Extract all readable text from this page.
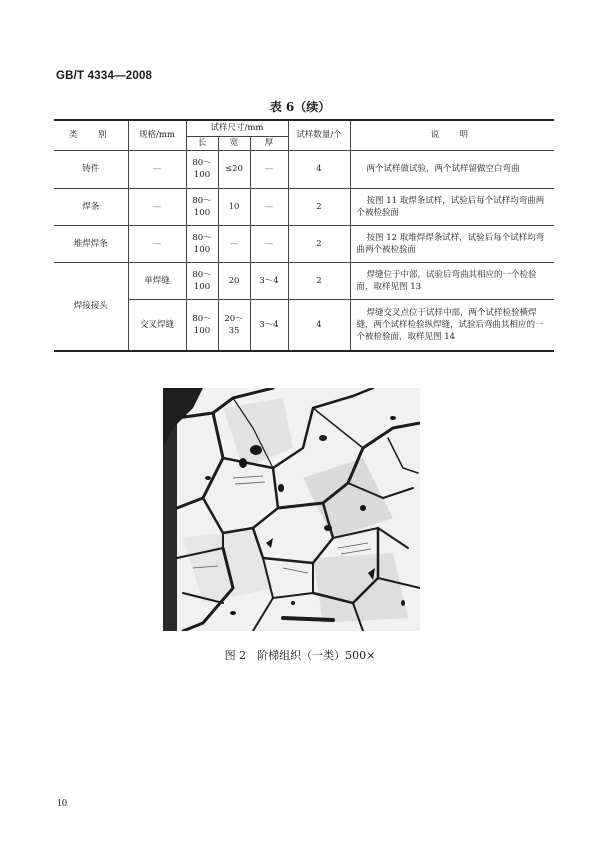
GB/T 4334—2008
表 6（续）
类　别	规格/mm	试样尺寸/mm			试样数量/个	说　明
		长	宽	厚		
铸件	—	80～100	≤20	—	4	两个试样做试验，两个试样留做空白弯曲
焊条	—	80～100	10	—	2	按图 11 取焊条试样，试验后每个试样均弯曲两个被检验面
堆焊焊条	—	80～100	—	—	2	按图 12 取堆焊焊条试样，试验后每个试样均弯曲两个被检验面
焊接接头	单焊缝	80～100	20	3～4	2	焊缝位于中部，试验后弯曲其相应的一个检验面，取样见图 13
	交叉焊缝	80～100	20～35	3～4	4	焊缝交叉点位于试样中部，两个试样检验横焊缝，两个试样检验纵焊缝，试验后弯曲其相应的一个被检验面，取样见图 14
图 2　阶梯组织（一类）500×
10
